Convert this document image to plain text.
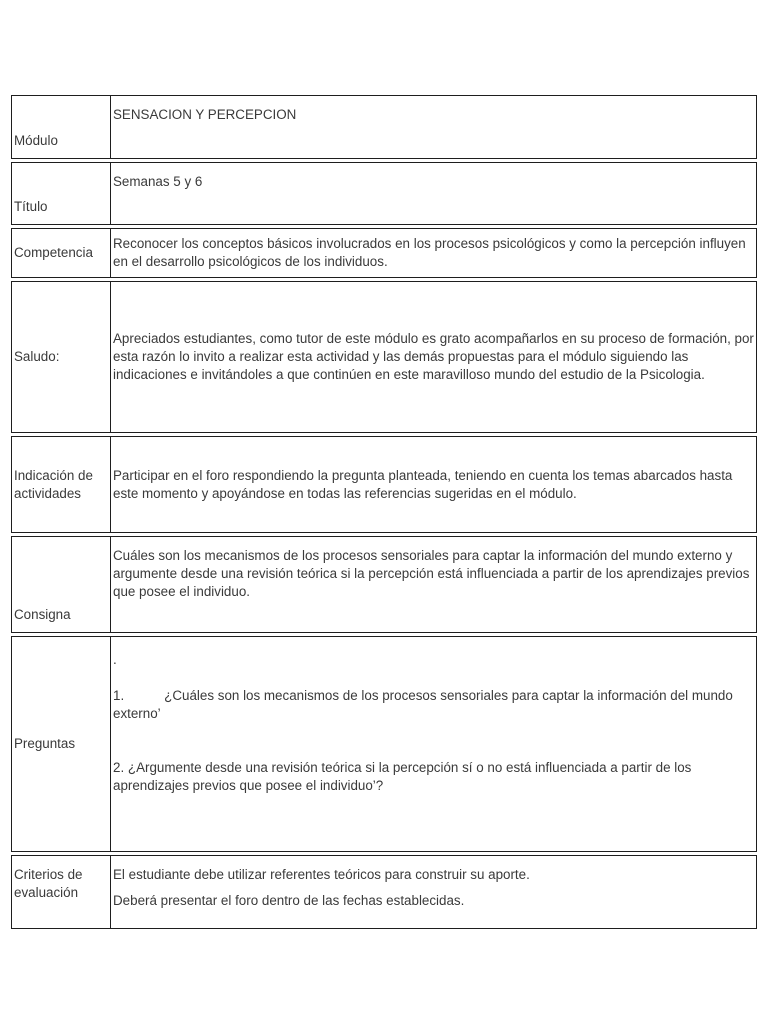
Módulo	SENSACION Y PERCEPCION

Título	Semanas 5 y 6

Competencia	Reconocer los conceptos básicos involucrados en los procesos psicológicos y como la percepción influyen en el desarrollo psicológicos de los individuos.

Saludo:	Apreciados estudiantes, como tutor de este módulo es grato acompañarlos en su proceso de formación, por esta razón lo invito a realizar esta actividad y las demás propuestas para el módulo siguiendo las indicaciones e invitándoles a que continúen en este maravilloso mundo del estudio de la Psicologia.

Indicación de actividades	Participar en el foro respondiendo la pregunta planteada, teniendo en cuenta los temas abarcados hasta este momento y apoyándose en todas las referencias sugeridas en el módulo.

Consigna	Cuáles son los mecanismos de los procesos sensoriales para captar la información del mundo externo y argumente desde una revisión teórica si la percepción está influenciada a partir de los aprendizajes previos que posee el individuo.

Preguntas	.

1. ¿Cuáles son los mecanismos de los procesos sensoriales para captar la información del mundo externo’

2. ¿Argumente desde una revisión teórica si la percepción sí o no está influenciada a partir de los aprendizajes previos que posee el individuo’?

Criterios de evaluación	El estudiante debe utilizar referentes teóricos para construir su aporte.

Deberá presentar el foro dentro de las fechas establecidas.
